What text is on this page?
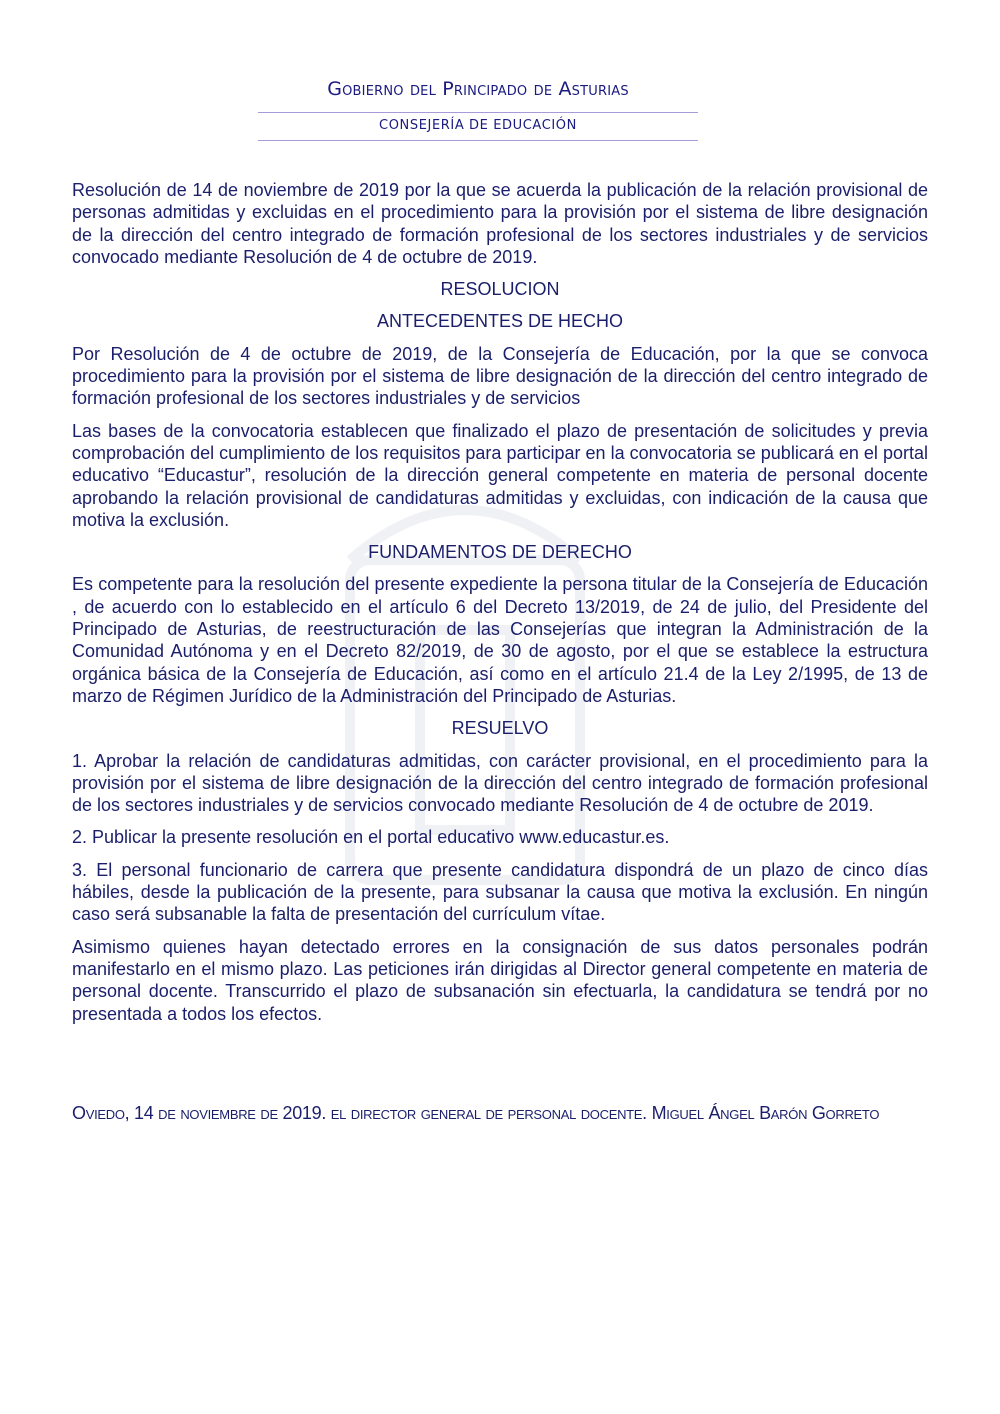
Gobierno del Principado de Asturias
CONSEJERÍA DE EDUCACIÓN

Resolución de 14 de noviembre de 2019 por la que se acuerda la publicación de la relación provisional de personas admitidas y excluidas en el procedimiento para la provisión por el sistema de libre designación de la dirección del centro integrado de formación profesional de los sectores industriales y de servicios convocado mediante Resolución de 4 de octubre de 2019.

RESOLUCION
ANTECEDENTES DE HECHO

Por Resolución de 4 de octubre de 2019, de la Consejería de Educación, por la que se convoca procedimiento para la provisión por el sistema de libre designación de la dirección del centro integrado de formación profesional de los sectores industriales y de servicios

Las bases de la convocatoria establecen que finalizado el plazo de presentación de solicitudes y previa comprobación del cumplimiento de los requisitos para participar en la convocatoria se publicará en el portal educativo “Educastur”, resolución de la dirección general competente en materia de personal docente aprobando la relación provisional de candidaturas admitidas y excluidas, con indicación de la causa que motiva la exclusión.

FUNDAMENTOS DE DERECHO

Es competente para la resolución del presente expediente la persona titular de la Consejería de Educación , de acuerdo con lo establecido en el artículo 6 del Decreto 13/2019, de 24 de julio, del Presidente del Principado de Asturias, de reestructuración de las Consejerías que integran la Administración de la Comunidad Autónoma y en el Decreto 82/2019, de 30 de agosto, por el que se establece la estructura orgánica básica de la Consejería de Educación, así como en el artículo 21.4 de la Ley 2/1995, de 13 de marzo de Régimen Jurídico de la Administración del Principado de Asturias.

RESUELVO

1. Aprobar la relación de candidaturas admitidas, con carácter provisional, en el procedimiento para la provisión por el sistema de libre designación de la dirección del centro integrado de formación profesional de los sectores industriales y de servicios convocado mediante Resolución de 4 de octubre de 2019.

2. Publicar la presente resolución en el portal educativo www.educastur.es.

3. El personal funcionario de carrera que presente candidatura dispondrá de un plazo de cinco días hábiles, desde la publicación de la presente, para subsanar la causa que motiva la exclusión. En ningún caso será subsanable la falta de presentación del currículum vítae.

Asimismo quienes hayan detectado errores en la consignación de sus datos personales podrán manifestarlo en el mismo plazo. Las peticiones irán dirigidas al Director general competente en materia de personal docente. Transcurrido el plazo de subsanación sin efectuarla, la candidatura se tendrá por no presentada a todos los efectos.

Oviedo, 14 de noviembre de 2019. el director general de personal docente. Miguel Ángel Barón Gorreto
